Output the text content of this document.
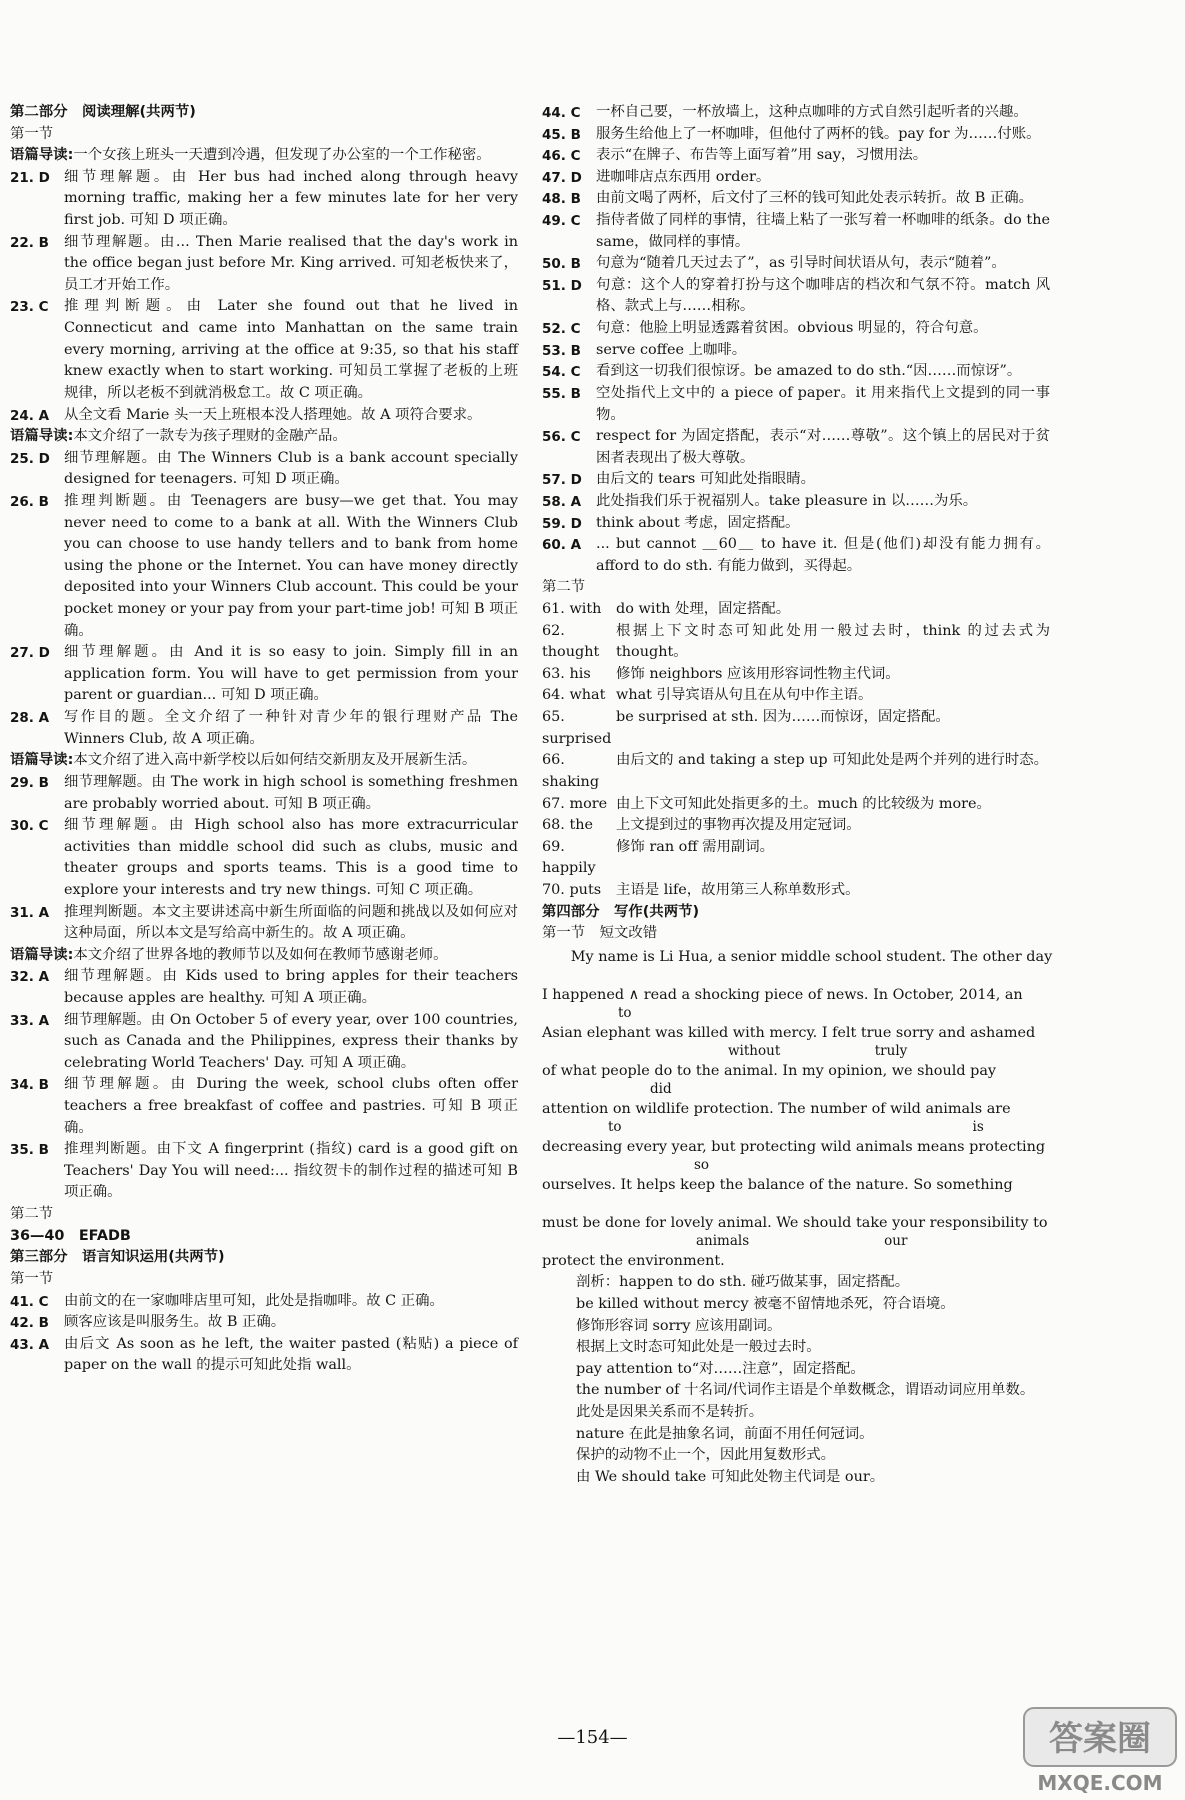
第二部分　阅读理解(共两节)

第一节

语篇导读:一个女孩上班头一天遭到冷遇，但发现了办公室的一个工作秘密。

21. D 细节理解题。由 Her bus had inched along through heavy morning traffic, making her a few minutes late for her very first job. 可知 D 项正确。
22. B	细节理解题。由... Then Marie realised that the day's work in the office began just before Mr. King arrived. 可知老板快来了，员工才开始工作。
23. C	推理判断题。由 Later she found out that he lived in Connecticut and came into Manhattan on the same train every morning, arriving at the office at 9:35, so that his staff knew exactly when to start working. 可知员工掌握了老板的上班规律，所以老板不到就消极怠工。故 C 项正确。
24. A	从全文看 Marie 头一天上班根本没人搭理她。故 A 项符合要求。

语篇导读:本文介绍了一款专为孩子理财的金融产品。

25. D 细节理解题。由 The Winners Club is a bank account specially designed for teenagers. 可知 D 项正确。
26. B	推理判断题。由 Teenagers are busy—we get that. You may never need to come to a bank at all. With the Winners Club you can choose to use handy tellers and to bank from home using the phone or the Internet. You can have money directly deposited into your Winners Club account. This could be your pocket money or your pay from your part-time job! 可知 B 项正确。
27. D 细节理解题。由 And it is so easy to join. Simply fill in an application form. You will have to get permission from your parent or guardian... 可知 D 项正确。
28. A	写作目的题。全文介绍了一种针对青少年的银行理财产品 The Winners Club, 故 A 项正确。

语篇导读:本文介绍了进入高中新学校以后如何结交新朋友及开展新生活。

29. B	细节理解题。由 The work in high school is something freshmen are probably worried about. 可知 B 项正确。
30. C	细节理解题。由 High school also has more extracurricular activities than middle school did such as clubs, music and theater groups and sports teams. This is a good time to explore your interests and try new things. 可知 C 项正确。
31. A	推理判断题。本文主要讲述高中新生所面临的问题和挑战以及如何应对这种局面，所以本文是写给高中新生的。故 A 项正确。

语篇导读:本文介绍了世界各地的教师节以及如何在教师节感谢老师。

32. A	细节理解题。由 Kids used to bring apples for their teachers because apples are healthy. 可知 A 项正确。
33. A	细节理解题。由 On October 5 of every year, over 100 countries, such as Canada and the Philippines, express their thanks by celebrating World Teachers' Day. 可知 A 项正确。
34. B	细节理解题。由 During the week, school clubs often offer teachers a free breakfast of coffee and pastries. 可知 B 项正确。
35. B	推理判断题。由下文 A fingerprint (指纹) card is a good gift on Teachers' Day You will need:... 指纹贺卡的制作过程的描述可知 B 项正确。

第二节

36—40　EFADB

第三部分　语言知识运用(共两节)

第一节

41. C	由前文的在一家咖啡店里可知，此处是指咖啡。故 C 正确。
42. B	顾客应该是叫服务生。故 B 正确。
43. A	由后文 As soon as he left, the waiter pasted (粘贴) a piece of paper on the wall 的提示可知此处指 wall。
44. C	一杯自己要，一杯放墙上，这种点咖啡的方式自然引起听者的兴趣。
45. B	服务生给他上了一杯咖啡，但他付了两杯的钱。pay for 为……付账。
46. C	表示“在牌子、布告等上面写着”用 say，习惯用法。
47. D 进咖啡店点东西用 order。
48. B	由前文喝了两杯，后文付了三杯的钱可知此处表示转折。故 B 正确。
49. C	指侍者做了同样的事情，往墙上粘了一张写着一杯咖啡的纸条。do the same，做同样的事情。
50. B	句意为“随着几天过去了”，as 引导时间状语从句，表示“随着”。
51. D 句意：这个人的穿着打扮与这个咖啡店的档次和气氛不符。match 风格、款式上与……相称。
52. C	句意：他脸上明显透露着贫困。obvious 明显的，符合句意。
53. B	serve coffee 上咖啡。
54. C	看到这一切我们很惊讶。be amazed to do sth.“因……而惊讶”。
55. B	空处指代上文中的 a piece of paper。it 用来指代上文提到的同一事物。
56. C	respect for 为固定搭配，表示“对……尊敬”。这个镇上的居民对于贫困者表现出了极大尊敬。
57. D 由后文的 tears 可知此处指眼睛。
58. A	此处指我们乐于祝福别人。take pleasure in 以……为乐。
59. D think about 考虑，固定搭配。
60. A	... but cannot ＿60＿ to have it. 但是(他们)却没有能力拥有。afford to do sth. 有能力做到，买得起。

第二节

61. with	do with 处理，固定搭配。
62. thought
根据上下文时态可知此处用一般过去时，think 的过去式为 thought。
63. his	修饰 neighbors 应该用形容词性物主代词。
64. what what 引导宾语从句且在从句中作主语。
65. surprised
be surprised at sth. 因为……而惊讶，固定搭配。
66. shaking
由后文的 and taking a step up 可知此处是两个并列的进行时态。
67. more 由上下文可知此处指更多的土。much 的比较级为 more。
68. the	上文提到过的事物再次提及用定冠词。
69. happily
修饰 ran off 需用副词。
70. puts	主语是 life，故用第三人称单数形式。

第四部分　写作(共两节)

第一节　短文改错

　　My name is Li Hua, a senior middle school student. The other day
I happened ∧ read a shocking piece of news. In October, 2014, an
to
Asian elephant was killed with mercy. I felt true sorry and ashamed
without　　　　　　　truly
of what people do to the animal. In my opinion, we should pay
did
attention on wildlife protection. The number of wild animals are
to　　　　　　　　　　　　　　　　　　　　　　　　　　is
decreasing every year, but protecting wild animals means protecting
so
ourselves. It helps keep the balance of the nature. So something
must be done for lovely animal. We should take your responsibility to
animals　　　　　　　　　　our

protect the environment.

剖析：happen to do sth. 碰巧做某事，固定搭配。

be killed without mercy 被毫不留情地杀死，符合语境。

修饰形容词 sorry 应该用副词。

根据上文时态可知此处是一般过去时。

pay attention to“对……注意”，固定搭配。

the number of 十名词/代词作主语是个单数概念，谓语动词应用单数。

此处是因果关系而不是转折。

nature 在此是抽象名词，前面不用任何冠词。

保护的动物不止一个，因此用复数形式。

由 We should take 可知此处物主代词是 our。

—154—	答案圈
MXQE.COM
